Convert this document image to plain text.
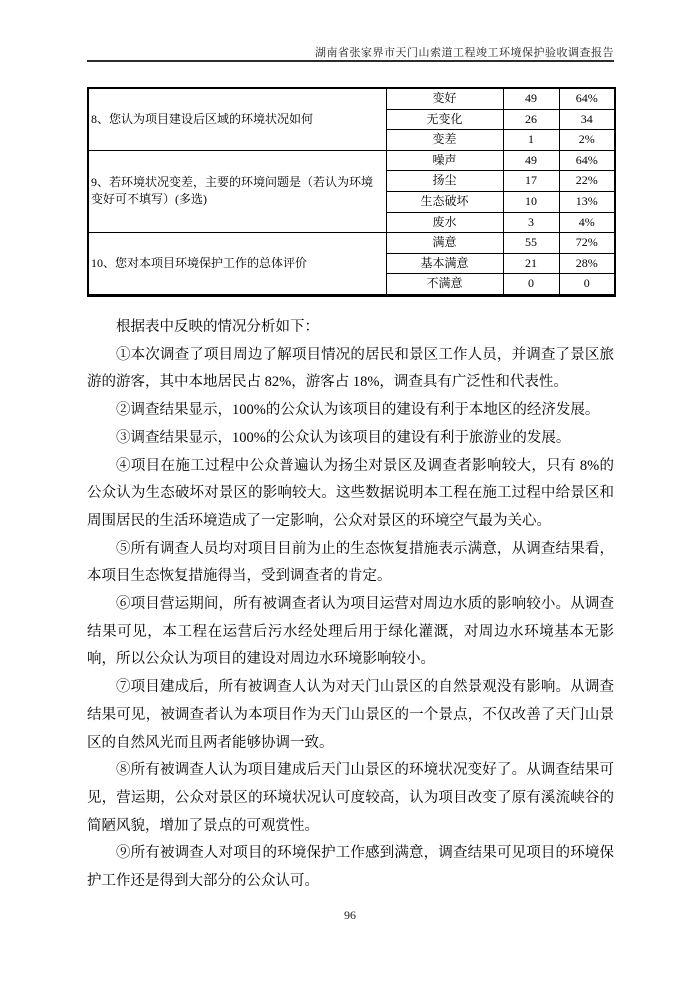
湖南省张家界市天门山索道工程竣工环境保护验收调查报告
8、您认为项目建设后区域的环境状况如何	变好	49	64%
	无变化	26	34
	变差	1	2%
9、若环境状况变差，主要的环境问题是（若认为环境变好可不填写）(多选)	噪声	49	64%
	扬尘	17	22%
	生态破坏	10	13%
	废水	3	4%
10、您对本项目环境保护工作的总体评价	满意	55	72%
	基本满意	21	28%
	不满意	0	0

根据表中反映的情况分析如下：

①本次调查了项目周边了解项目情况的居民和景区工作人员，并调查了景区旅游的游客，其中本地居民占 82%，游客占 18%，调查具有广泛性和代表性。

②调查结果显示，100%的公众认为该项目的建设有利于本地区的经济发展。

③调查结果显示，100%的公众认为该项目的建设有利于旅游业的发展。

④项目在施工过程中公众普遍认为扬尘对景区及调查者影响较大，只有 8%的公众认为生态破坏对景区的影响较大。这些数据说明本工程在施工过程中给景区和周围居民的生活环境造成了一定影响，公众对景区的环境空气最为关心。

⑤所有调查人员均对项目目前为止的生态恢复措施表示满意，从调查结果看，本项目生态恢复措施得当，受到调查者的肯定。

⑥项目营运期间，所有被调查者认为项目运营对周边水质的影响较小。从调查结果可见，本工程在运营后污水经处理后用于绿化灌溉，对周边水环境基本无影响，所以公众认为项目的建设对周边水环境影响较小。

⑦项目建成后，所有被调查人认为对天门山景区的自然景观没有影响。从调查结果可见，被调查者认为本项目作为天门山景区的一个景点，不仅改善了天门山景区的自然风光而且两者能够协调一致。

⑧所有被调查人认为项目建成后天门山景区的环境状况变好了。从调查结果可见，营运期，公众对景区的环境状况认可度较高，认为项目改变了原有溪流峡谷的简陋风貌，增加了景点的可观赏性。

⑨所有被调查人对项目的环境保护工作感到满意，调查结果可见项目的环境保护工作还是得到大部分的公众认可。

96
